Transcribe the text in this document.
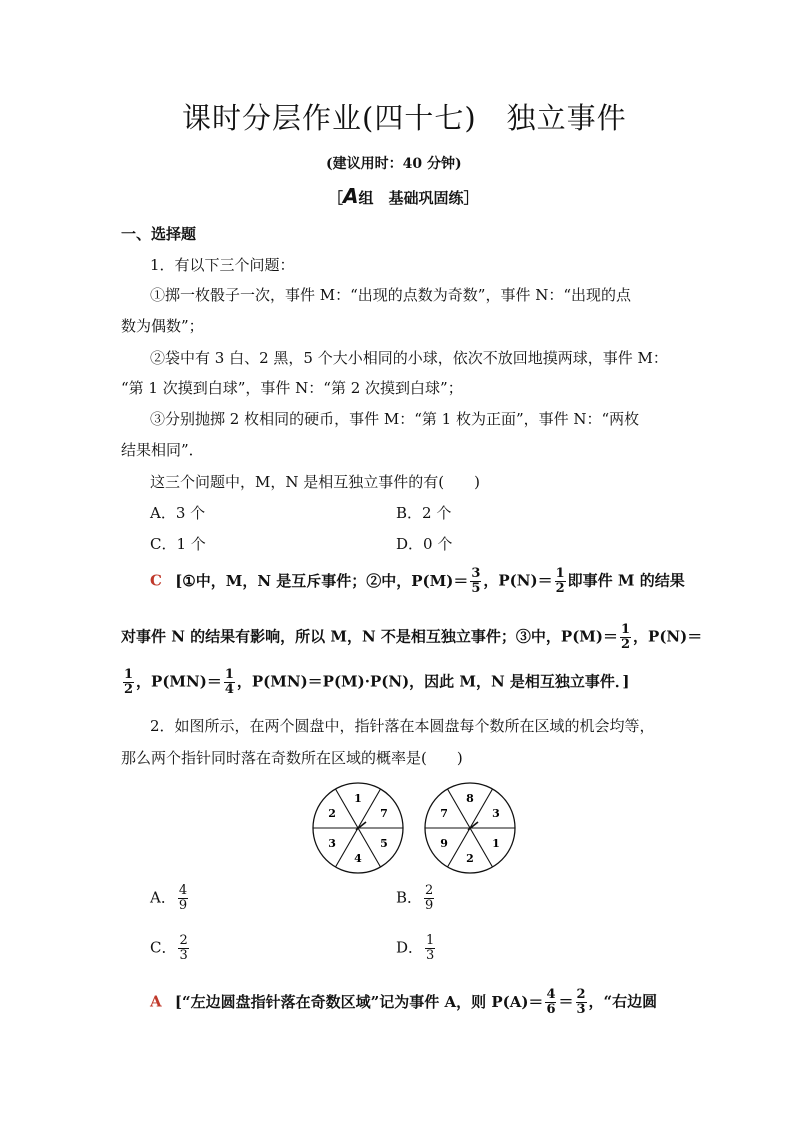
课时分层作业(四十七)　独立事件
(建议用时：40 分钟)
［A组　基础巩固练］
一、选择题
1．有以下三个问题：
①掷一枚骰子一次，事件 M：“出现的点数为奇数”，事件 N：“出现的点
数为偶数”；
②袋中有 3 白、2 黑，5 个大小相同的小球，依次不放回地摸两球，事件 M：
“第 1 次摸到白球”，事件 N：“第 2 次摸到白球”；
③分别抛掷 2 枚相同的硬币，事件 M：“第 1 枚为正面”，事件 N：“两枚
结果相同”．
这三个问题中，M，N 是相互独立事件的有(　　)
A．3 个	B．2 个
C．1 个	D．0 个
C [①中，M，N 是互斥事件；②中，$P(M)= \frac{3}{5}$ ，$P(N)= \frac{1}{2}$ 即事件 M 的结果
对事件 N 的结果有影响，所以 M，N 不是相互独立事件；③中，$P(M)= \frac{1}{2}$ ，P(N)＝
$\frac{1}{2}$ ，$P(MN)= \frac{1}{4}$ ，P(MN)＝P(M)·P(N)，因此 M，N 是相互独立事件．]
2．如图所示，在两个圆盘中，指针落在本圆盘每个数所在区域的机会均等，
那么两个指针同时落在奇数所在区域的概率是(　　)
1
7
5
4
3
2
8
3
1
2
9
7
A． $\frac{4}{9}$	B． $\frac{2}{9}$
C． $\frac{2}{3}$	D． $\frac{1}{3}$
A [“左边圆盘指针落在奇数区域”记为事件 A，则 $P(A)= \frac{4}{6} = \frac{2}{3}$ ，“右边圆
